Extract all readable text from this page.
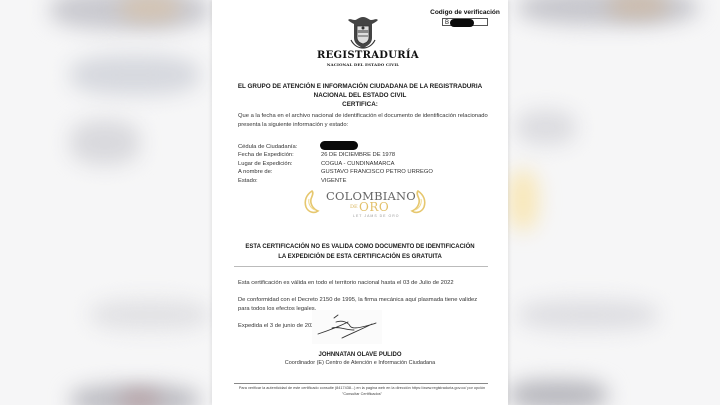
Codigo de verificación
B
REGISTRADURÍA
NACIONAL DEL ESTADO CIVIL
EL GRUPO DE ATENCIÓN E INFORMACIÓN CIUDADANA DE LA REGISTRADURIA
NACIONAL DEL ESTADO CIVIL
CERTIFICA:
Que a la fecha en el archivo nacional de identificación el documento de identificación relacionado presenta la siguiente información y estado:
Cédula de Ciudadanía:
Fecha de Expedición:	26 DE DICIEMBRE DE 1978
Lugar de Expedición:	COGUA - CUNDINAMARCA
A nombre de:	GUSTAVO FRANCISCO PETRO URREGO
Estado:	VIGENTE
COLOMBIANO
DE ORO
LET JAMS DE ORO
ESTA CERTIFICACIÓN NO ES VALIDA COMO DOCUMENTO DE IDENTIFICACIÓN
LA EXPEDICIÓN DE ESTA CERTIFICACIÓN ES GRATUITA
Esta certificación es válida en todo el territorio nacional hasta el 03 de Julio de 2022
De conformidad con el Decreto 2150 de 1995, la firma mecánica aquí plasmada tiene validez para todos los efectos legales.
Expedida el 3 de junio de 2022
JOHNNATAN OLAVE PULIDO
Coordinador (E) Centro de Atención e Información Ciudadana
Para verificar la autenticidad de este certificado consulte (8417438...) en la pagina web en la dirección https://www.registraduria.gov.co/ por opción "Consultar Certificados"
